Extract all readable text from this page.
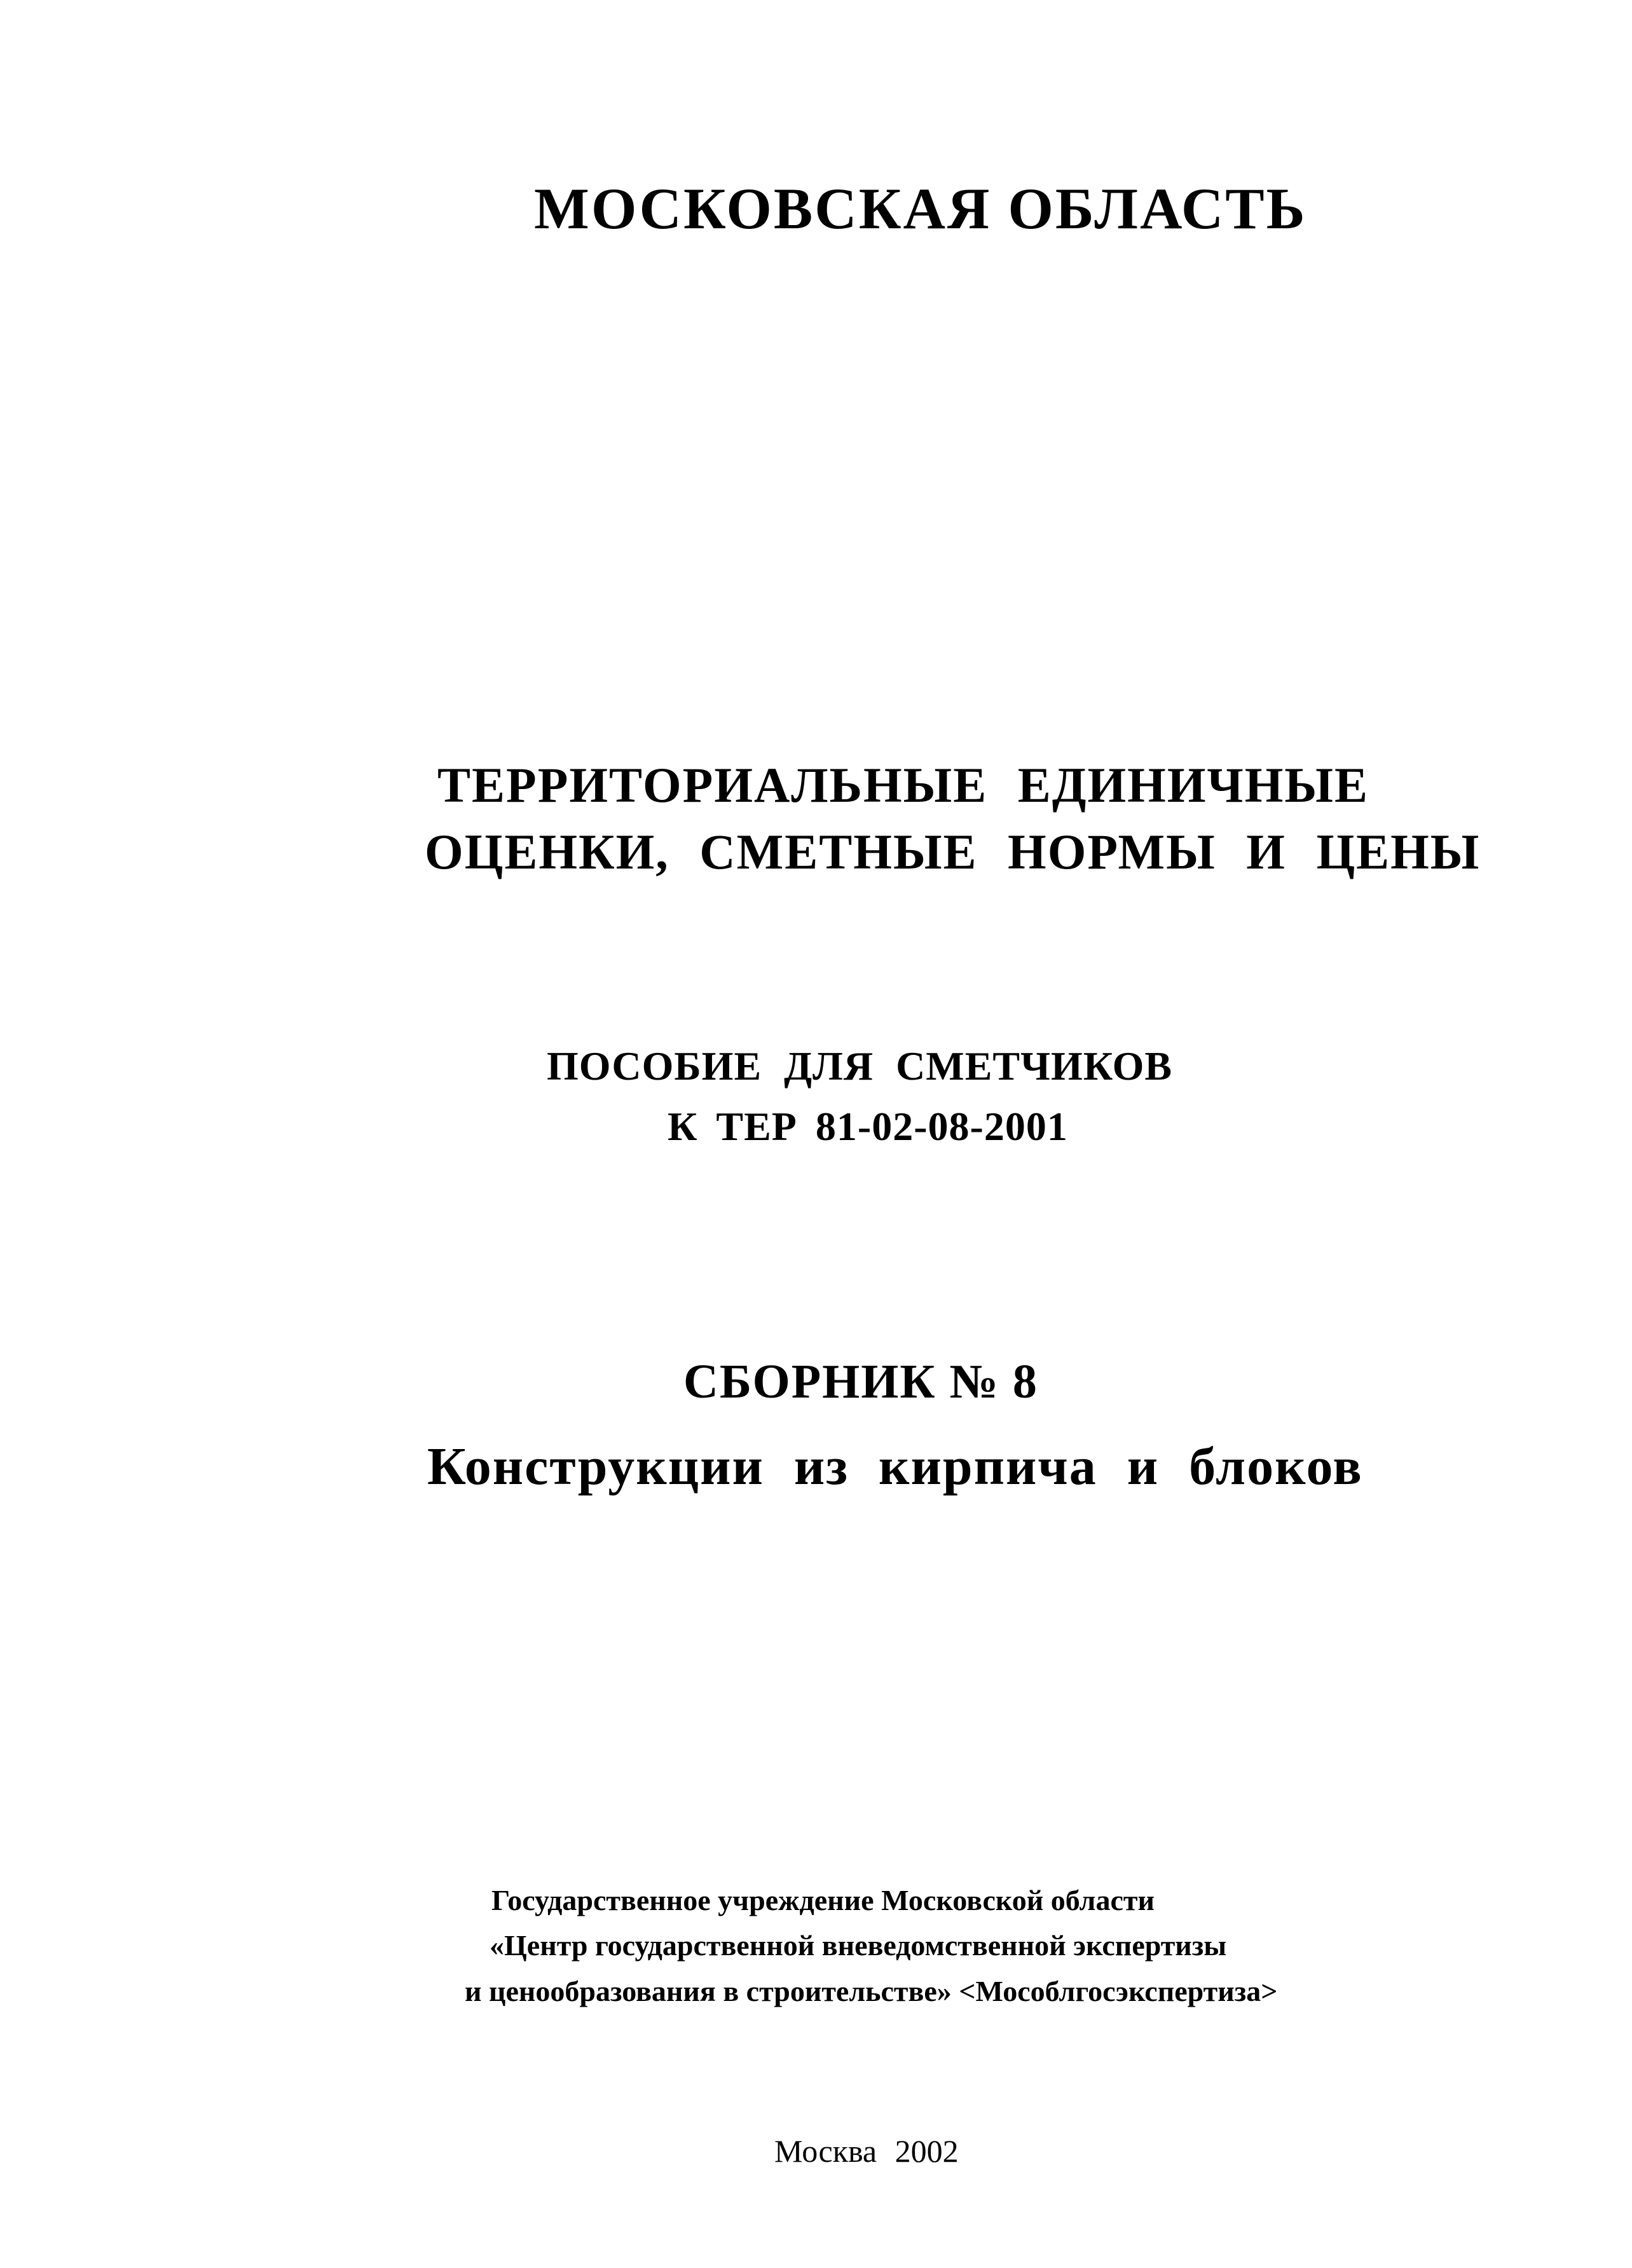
МОСКОВСКАЯ ОБЛАСТЬ
ТЕРРИТОРИАЛЬНЫЕ ЕДИНИЧНЫЕ
ОЦЕНКИ, СМЕТНЫЕ НОРМЫ И ЦЕНЫ
ПОСОБИЕ ДЛЯ СМЕТЧИКОВ
К ТЕР 81-02-08-2001
СБОРНИК № 8
Конструкции из кирпича и блоков
Государственное учреждение Московской области
«Центр государственной вневедомственной экспертизы
и ценообразования в строительстве» <Мособлгосэкспертиза>
Москва 2002
